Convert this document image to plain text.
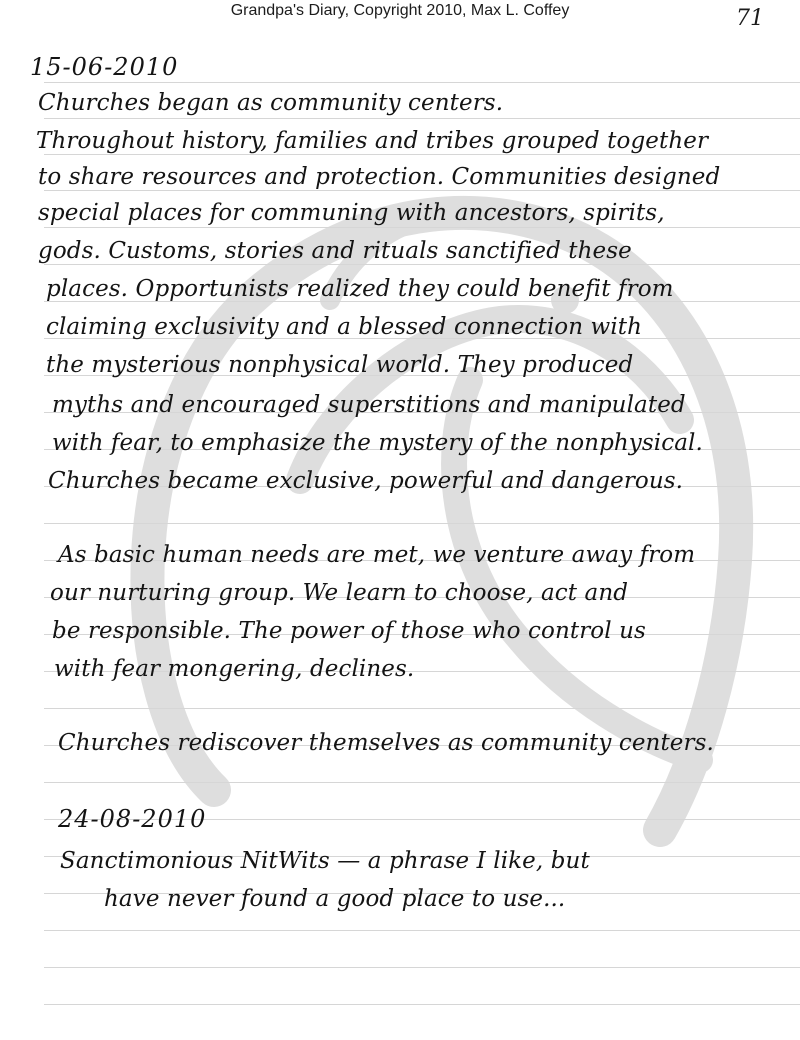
Grandpa's Diary, Copyright 2010, Max L. Coffey	71
15-06-2010
Churches began as community centers.
Throughout history, families and tribes grouped together
to share resources and protection. Communities designed
special places for communing with ancestors, spirits,
gods. Customs, stories and rituals sanctified these
places. Opportunists realized they could benefit from
claiming exclusivity and a blessed connection with
the mysterious nonphysical world. They produced
myths and encouraged superstitions and manipulated
with fear, to emphasize the mystery of the nonphysical.
Churches became exclusive, powerful and dangerous.
As basic human needs are met, we venture away from
our nurturing group. We learn to choose, act and
be responsible. The power of those who control us
with fear mongering, declines.
Churches rediscover themselves as community centers.
24-08-2010
Sanctimonious NitWits — a phrase I like, but
have never found a good place to use...
